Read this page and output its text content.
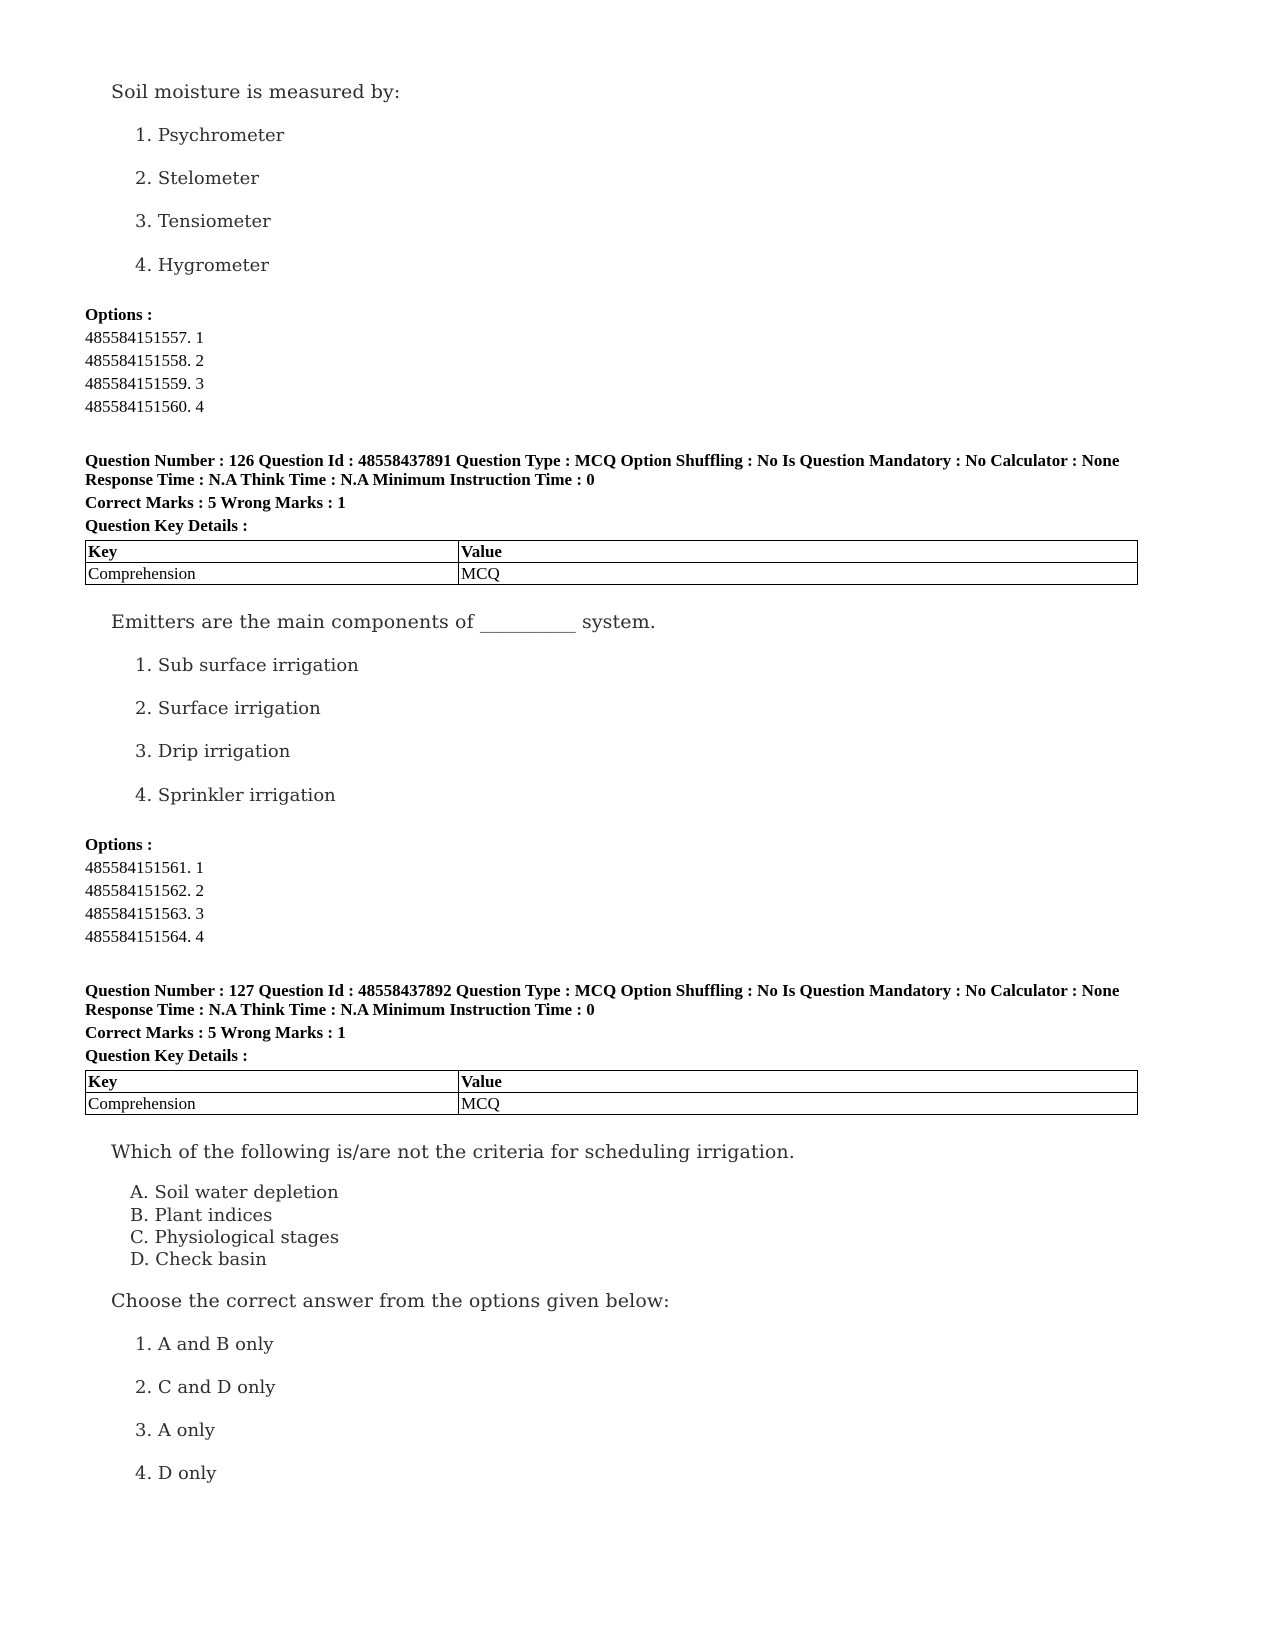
Soil moisture is measured by:
1. Psychrometer
2. Stelometer
3. Tensiometer
4. Hygrometer
Options :
485584151557. 1
485584151558. 2
485584151559. 3
485584151560. 4
Question Number : 126 Question Id : 48558437891 Question Type : MCQ Option Shuffling : No Is Question Mandatory : No Calculator : None
Response Time : N.A Think Time : N.A Minimum Instruction Time : 0
Correct Marks : 5 Wrong Marks : 1
Question Key Details :
Key	Value
Comprehension	MCQ
Emitters are the main components of __________ system.
1. Sub surface irrigation
2. Surface irrigation
3. Drip irrigation
4. Sprinkler irrigation
Options :
485584151561. 1
485584151562. 2
485584151563. 3
485584151564. 4
Question Number : 127 Question Id : 48558437892 Question Type : MCQ Option Shuffling : No Is Question Mandatory : No Calculator : None
Response Time : N.A Think Time : N.A Minimum Instruction Time : 0
Correct Marks : 5 Wrong Marks : 1
Question Key Details :
Key	Value
Comprehension	MCQ
Which of the following is/are not the criteria for scheduling irrigation.
A. Soil water depletion
B. Plant indices
C. Physiological stages
D. Check basin
Choose the correct answer from the options given below:
1. A and B only
2. C and D only
3. A only
4. D only
